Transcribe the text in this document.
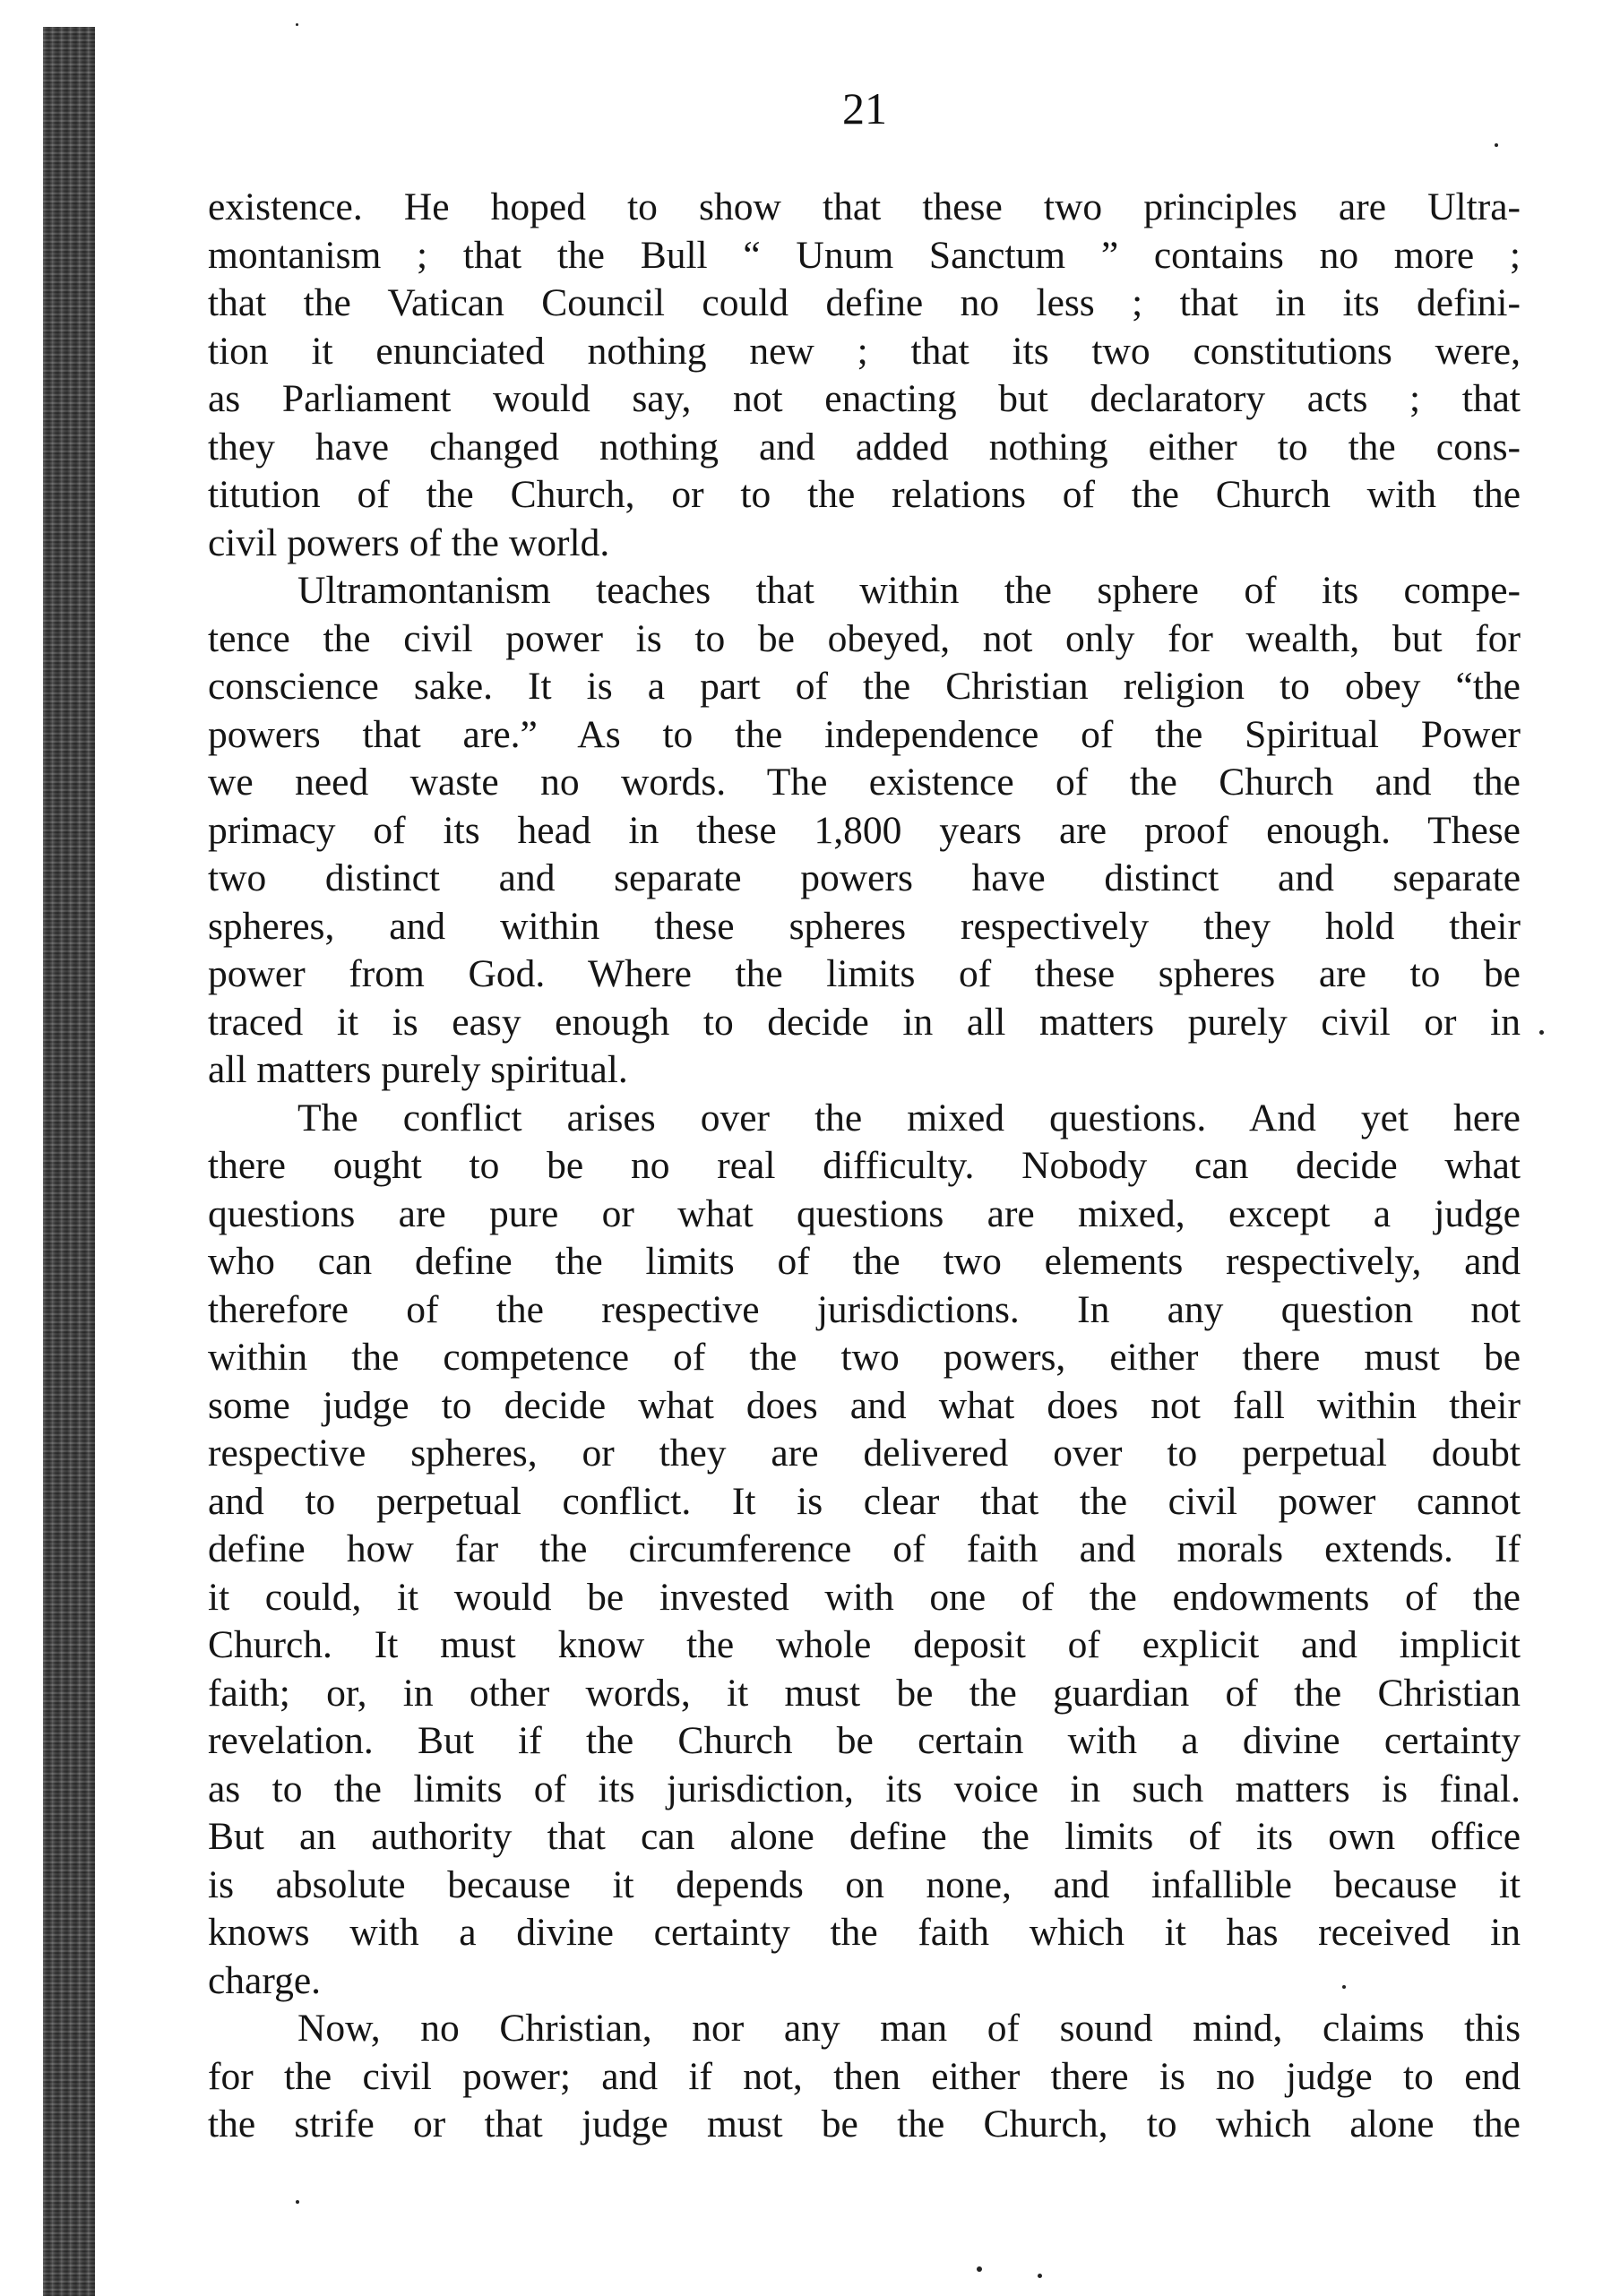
21
existence. He hoped to show that these two principles are Ultra-
montanism ; that the Bull “ Unum Sanctum ” contains no more ;
that the Vatican Council could define no less ; that in its defini-
tion it enunciated nothing new ; that its two constitutions were,
as Parliament would say, not enacting but declaratory acts ; that
they have changed nothing and added nothing either to the cons-
titution of the Church, or to the relations of the Church with the
civil powers of the world.
Ultramontanism teaches that within the sphere of its compe-
tence the civil power is to be obeyed, not only for wealth, but for
conscience sake. It is a part of the Christian religion to obey “the
powers that are.” As to the independence of the Spiritual Power
we need waste no words. The existence of the Church and the
primacy of its head in these 1,800 years are proof enough. These
two distinct and separate powers have distinct and separate
spheres, and within these spheres respectively they hold their
power from God. Where the limits of these spheres are to be
traced it is easy enough to decide in all matters purely civil or in
all matters purely spiritual.
The conflict arises over the mixed questions. And yet here
there ought to be no real difficulty. Nobody can decide what
questions are pure or what questions are mixed, except a judge
who can define the limits of the two elements respectively, and
therefore of the respective jurisdictions. In any question not
within the competence of the two powers, either there must be
some judge to decide what does and what does not fall within their
respective spheres, or they are delivered over to perpetual doubt
and to perpetual conflict. It is clear that the civil power cannot
define how far the circumference of faith and morals extends. If
it could, it would be invested with one of the endowments of the
Church. It must know the whole deposit of explicit and implicit
faith; or, in other words, it must be the guardian of the Christian
revelation. But if the Church be certain with a divine certainty
as to the limits of its jurisdiction, its voice in such matters is final.
But an authority that can alone define the limits of its own office
is absolute because it depends on none, and infallible because it
knows with a divine certainty the faith which it has received in
charge.
Now, no Christian, nor any man of sound mind, claims this
for the civil power; and if not, then either there is no judge to end
the strife or that judge must be the Church, to which alone the
